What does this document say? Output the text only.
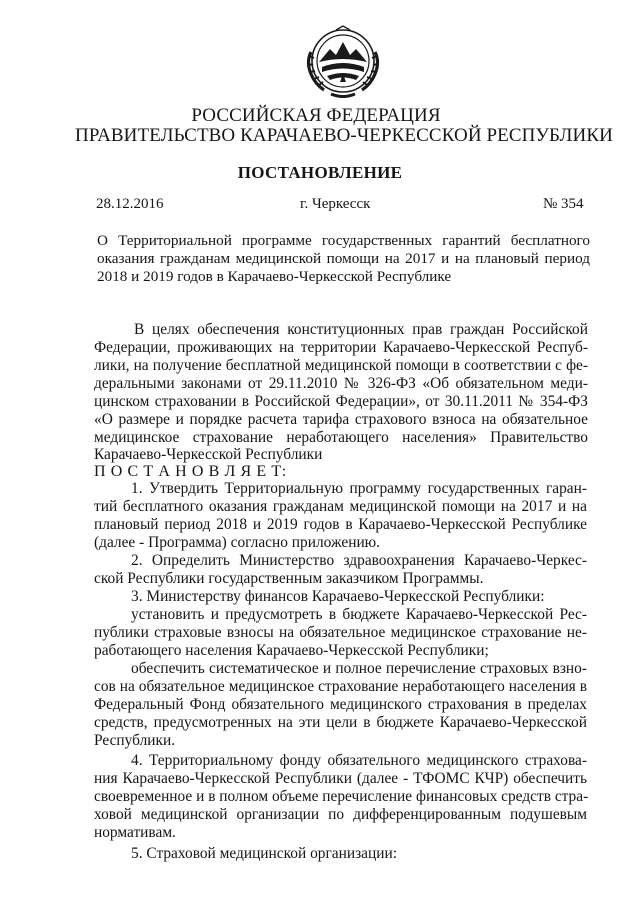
РОССИЙСКАЯ ФЕДЕРАЦИЯ
ПРАВИТЕЛЬСТВО КАРАЧАЕВО-ЧЕРКЕССКОЙ РЕСПУБЛИКИ
ПОСТАНОВЛЕНИЕ
28.12.2016	г. Черкесск	№ 354
О Территориальной программе государственных гарантий бесплатного
оказания гражданам медицинской помощи на 2017 и на плановый период
2018 и 2019 годов в Карачаево-Черкесской Республике
В целях обеспечения конституционных прав граждан Российской
Федерации, проживающих на территории Карачаево-Черкесской Респуб-
лики, на получение бесплатной медицинской помощи в соответствии с фе-
деральными законами от 29.11.2010 № 326-ФЗ «Об обязательном меди-
цинском страховании в Российской Федерации», от 30.11.2011 № 354-ФЗ
«О размере и порядке расчета тарифа страхового взноса на обязательное
медицинское страхование неработающего населения» Правительство
Карачаево-Черкесской Республики
П О С Т А Н О В Л Я Е Т:
1. Утвердить Территориальную программу государственных гаран-
тий бесплатного оказания гражданам медицинской помощи на 2017 и на
плановый период 2018 и 2019 годов в Карачаево-Черкесской Республике
(далее - Программа) согласно приложению.
2. Определить Министерство здравоохранения Карачаево-Черкес-
ской Республики государственным заказчиком Программы.
3. Министерству финансов Карачаево-Черкесской Республики:
установить и предусмотреть в бюджете Карачаево-Черкесской Рес-
публики страховые взносы на обязательное медицинское страхование не-
работающего населения Карачаево-Черкесской Республики;
обеспечить систематическое и полное перечисление страховых взно-
сов на обязательное медицинское страхование неработающего населения в
Федеральный Фонд обязательного медицинского страхования в пределах
средств, предусмотренных на эти цели в бюджете Карачаево-Черкесской
Республики.
4. Территориальному фонду обязательного медицинского страхова-
ния Карачаево-Черкесской Республики (далее - ТФОМС КЧР) обеспечить
своевременное и в полном объеме перечисление финансовых средств стра-
ховой медицинской организации по дифференцированным подушевым
нормативам.
5. Страховой медицинской организации:
